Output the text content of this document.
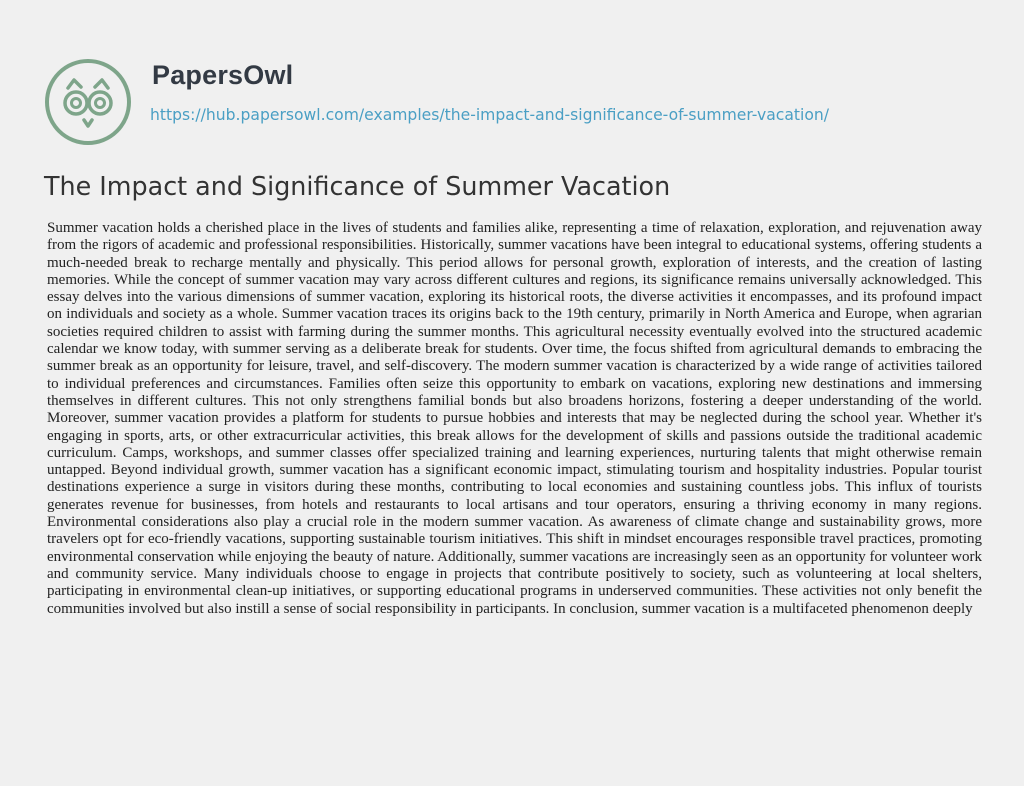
PapersOwl
https://hub.papersowl.com/examples/the-impact-and-significance-of-summer-vacation/
The Impact and Significance of Summer Vacation

Summer vacation holds a cherished place in the lives of students and families alike, representing a time of relaxation, exploration, and rejuvenation away from the rigors of academic and professional responsibilities. Historically, summer vacations have been integral to educational systems, offering students a much-needed break to recharge mentally and physically. This period allows for personal growth, exploration of interests, and the creation of lasting memories. While the concept of summer vacation may vary across different cultures and regions, its significance remains universally acknowledged. This essay delves into the various dimensions of summer vacation, exploring its historical roots, the diverse activities it encompasses, and its profound impact on individuals and society as a whole. Summer vacation traces its origins back to the 19th century, primarily in North America and Europe, when agrarian societies required children to assist with farming during the summer months. This agricultural necessity eventually evolved into the structured academic calendar we know today, with summer serving as a deliberate break for students. Over time, the focus shifted from agricultural demands to embracing the summer break as an opportunity for leisure, travel, and self-discovery. The modern summer vacation is characterized by a wide range of activities tailored to individual preferences and circumstances. Families often seize this opportunity to embark on vacations, exploring new destinations and immersing themselves in different cultures. This not only strengthens familial bonds but also broadens horizons, fostering a deeper understanding of the world. Moreover, summer vacation provides a platform for students to pursue hobbies and interests that may be neglected during the school year. Whether it's engaging in sports, arts, or other extracurricular activities, this break allows for the development of skills and passions outside the traditional academic curriculum. Camps, workshops, and summer classes offer specialized training and learning experiences, nurturing talents that might otherwise remain untapped. Beyond individual growth, summer vacation has a significant economic impact, stimulating tourism and hospitality industries. Popular tourist destinations experience a surge in visitors during these months, contributing to local economies and sustaining countless jobs. This influx of tourists generates revenue for businesses, from hotels and restaurants to local artisans and tour operators, ensuring a thriving economy in many regions. Environmental considerations also play a crucial role in the modern summer vacation. As awareness of climate change and sustainability grows, more travelers opt for eco-friendly vacations, supporting sustainable tourism initiatives. This shift in mindset encourages responsible travel practices, promoting environmental conservation while enjoying the beauty of nature. Additionally, summer vacations are increasingly seen as an opportunity for volunteer work and community service. Many individuals choose to engage in projects that contribute positively to society, such as volunteering at local shelters, participating in environmental clean-up initiatives, or supporting educational programs in underserved communities. These activities not only benefit the communities involved but also instill a sense of social responsibility in participants. In conclusion, summer vacation is a multifaceted phenomenon deeply
